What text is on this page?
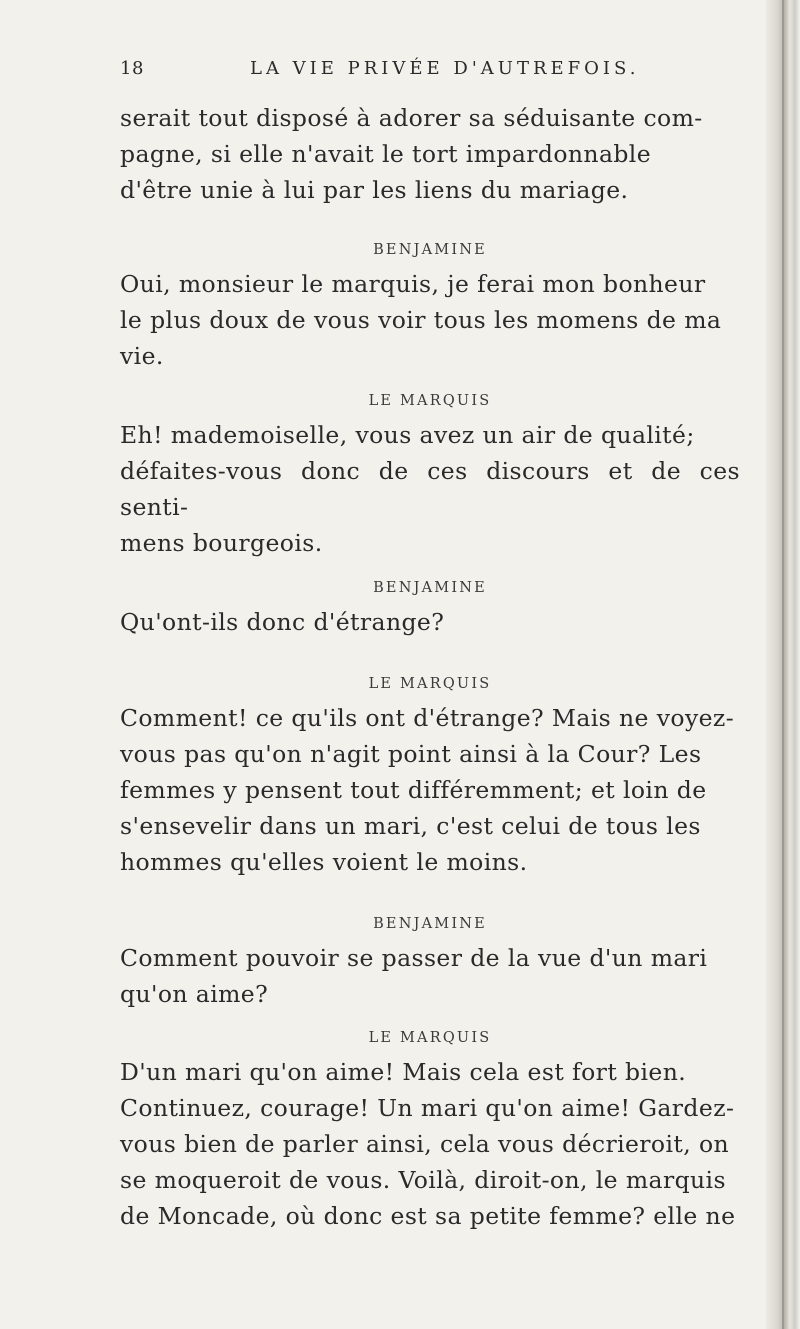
18	LA VIE PRIVÉE D'AUTREFOIS.

serait tout disposé à adorer sa séduisante com-
pagne, si elle n'avait le tort impardonnable
d'être unie à lui par les liens du mariage.

BENJAMINE

Oui, monsieur le marquis, je ferai mon bonheur
le plus doux de vous voir tous les momens de ma
vie.

LE MARQUIS

Eh! mademoiselle, vous avez un air de qualité;
défaites-vous donc de ces discours et de ces senti-
mens bourgeois.

BENJAMINE

Qu'ont-ils donc d'étrange?

LE MARQUIS

Comment! ce qu'ils ont d'étrange? Mais ne voyez-
vous pas qu'on n'agit point ainsi à la Cour? Les
femmes y pensent tout différemment; et loin de
s'ensevelir dans un mari, c'est celui de tous les
hommes qu'elles voient le moins.

BENJAMINE

Comment pouvoir se passer de la vue d'un mari
qu'on aime?

LE MARQUIS

D'un mari qu'on aime! Mais cela est fort bien.
Continuez, courage! Un mari qu'on aime! Gardez-
vous bien de parler ainsi, cela vous décrieroit, on
se moqueroit de vous. Voilà, diroit-on, le marquis
de Moncade, où donc est sa petite femme? elle ne
